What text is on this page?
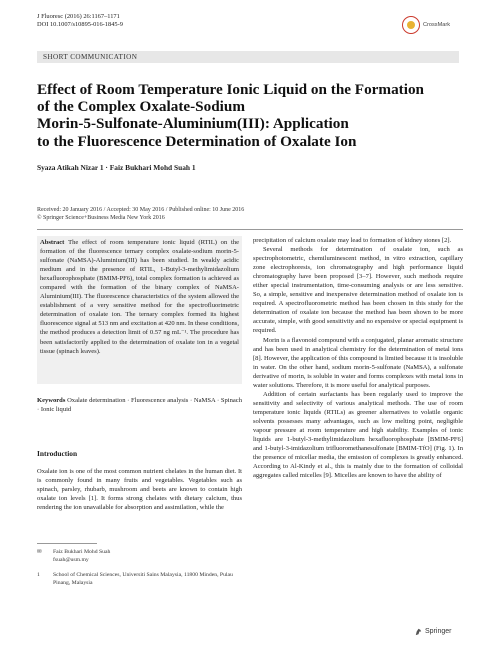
J Fluoresc (2016) 26:1167–1171
DOI 10.1007/s10895-016-1845-9	CrossMark
SHORT COMMUNICATION
Effect of Room Temperature Ionic Liquid on the Formation
of the Complex Oxalate-Sodium
Morin-5-Sulfonate-Aluminium(III): Application
to the Fluorescence Determination of Oxalate Ion
Syaza Atikah Nizar 1 · Faiz Bukhari Mohd Suah 1
Received: 20 January 2016 / Accepted: 30 May 2016 / Published online: 10 June 2016
© Springer Science+Business Media New York 2016

Abstract The effect of room temperature ionic liquid (RTIL) on the formation of the fluorescence ternary complex oxalate-sodium morin-5-sulfonate (NaMSA)-Aluminium(III) has been studied. In weakly acidic medium and in the presence of RTIL, 1-Butyl-3-methylimidazolium hexafluorophosphate (BMIM-PF6), total complex formation is achieved as compared with the formation of the binary complex of NaMSA-Aluminium(III). The fluorescence characteristics of the system allowed the establishment of a very sensitive method for the spectrofluorimetric determination of oxalate ion. The ternary complex formed its highest fluorescence signal at 513 nm and excitation at 420 nm. In these conditions, the method produces a detection limit of 0.57 ng mL⁻¹. The procedure has been satisfactorily applied to the determination of oxalate ion in a vegetal tissue (spinach leaves).

Keywords Oxalate determination · Fluorescence analysis · NaMSA · Spinach · Ionic liquid

Introduction

Oxalate ion is one of the most common nutrient chelates in the human diet. It is commonly found in many fruits and vegetables. Vegetables such as spinach, parsley, rhubarb, mushroom and beets are known to contain high oxalate ion levels [1]. It forms strong chelates with dietary calcium, thus rendering the ion unavailable for absorption and assimilation, while the

✉	Faiz Bukhari Mohd Suah
fsuah@usm.my
1	School of Chemical Sciences, Universiti Sains Malaysia, 11800 Minden, Pulau Pinang, Malaysia

precipitation of calcium oxalate may lead to formation of kidney stones [2].

Several methods for determination of oxalate ion, such as spectrophotometric, chemiluminescent method, in vitro extraction, capillary zone electrophoresis, ion chromatography and high performance liquid chromatography have been proposed [3–7]. However, such methods require either special instrumentation, time-consuming analysis or are less sensitive. So, a simple, sensitive and inexpensive determination method of oxalate ion is required. A spectrofluorometric method has been chosen in this study for the determination of oxalate ion because the method has been shown to be more accurate, simple, with good sensitivity and no expensive or special equipment is required.

Morin is a flavonoid compound with a conjugated, planar aromatic structure and has been used in analytical chemistry for the determination of metal ions [8]. However, the application of this compound is limited because it is insoluble in water. On the other hand, sodium morin-5-sulfonate (NaMSA), a sulfonate derivative of morin, is soluble in water and forms complexes with metal ions in water solutions. Therefore, it is more useful for analytical purposes.

Addition of certain surfactants has been regularly used to improve the sensitivity and selectivity of various analytical methods. The use of room temperature ionic liquids (RTILs) as greener alternatives to volatile organic solvents possesses many advantages, such as low melting point, negligible vapour pressure at room temperature and high stability. Examples of ionic liquids are 1-butyl-3-methylimidazolium hexafluorophosphate [BMIM-PF6] and 1-butyl-3-imidazolium trifluoromethanesulfonate [BMIM-TfO] (Fig. 1). In the presence of micellar media, the emission of complexes is greatly enhanced. According to Al-Kindy et al., this is mainly due to the formation of colloidal aggregates called micelles [9]. Micelles are known to have the ability of

Springer
